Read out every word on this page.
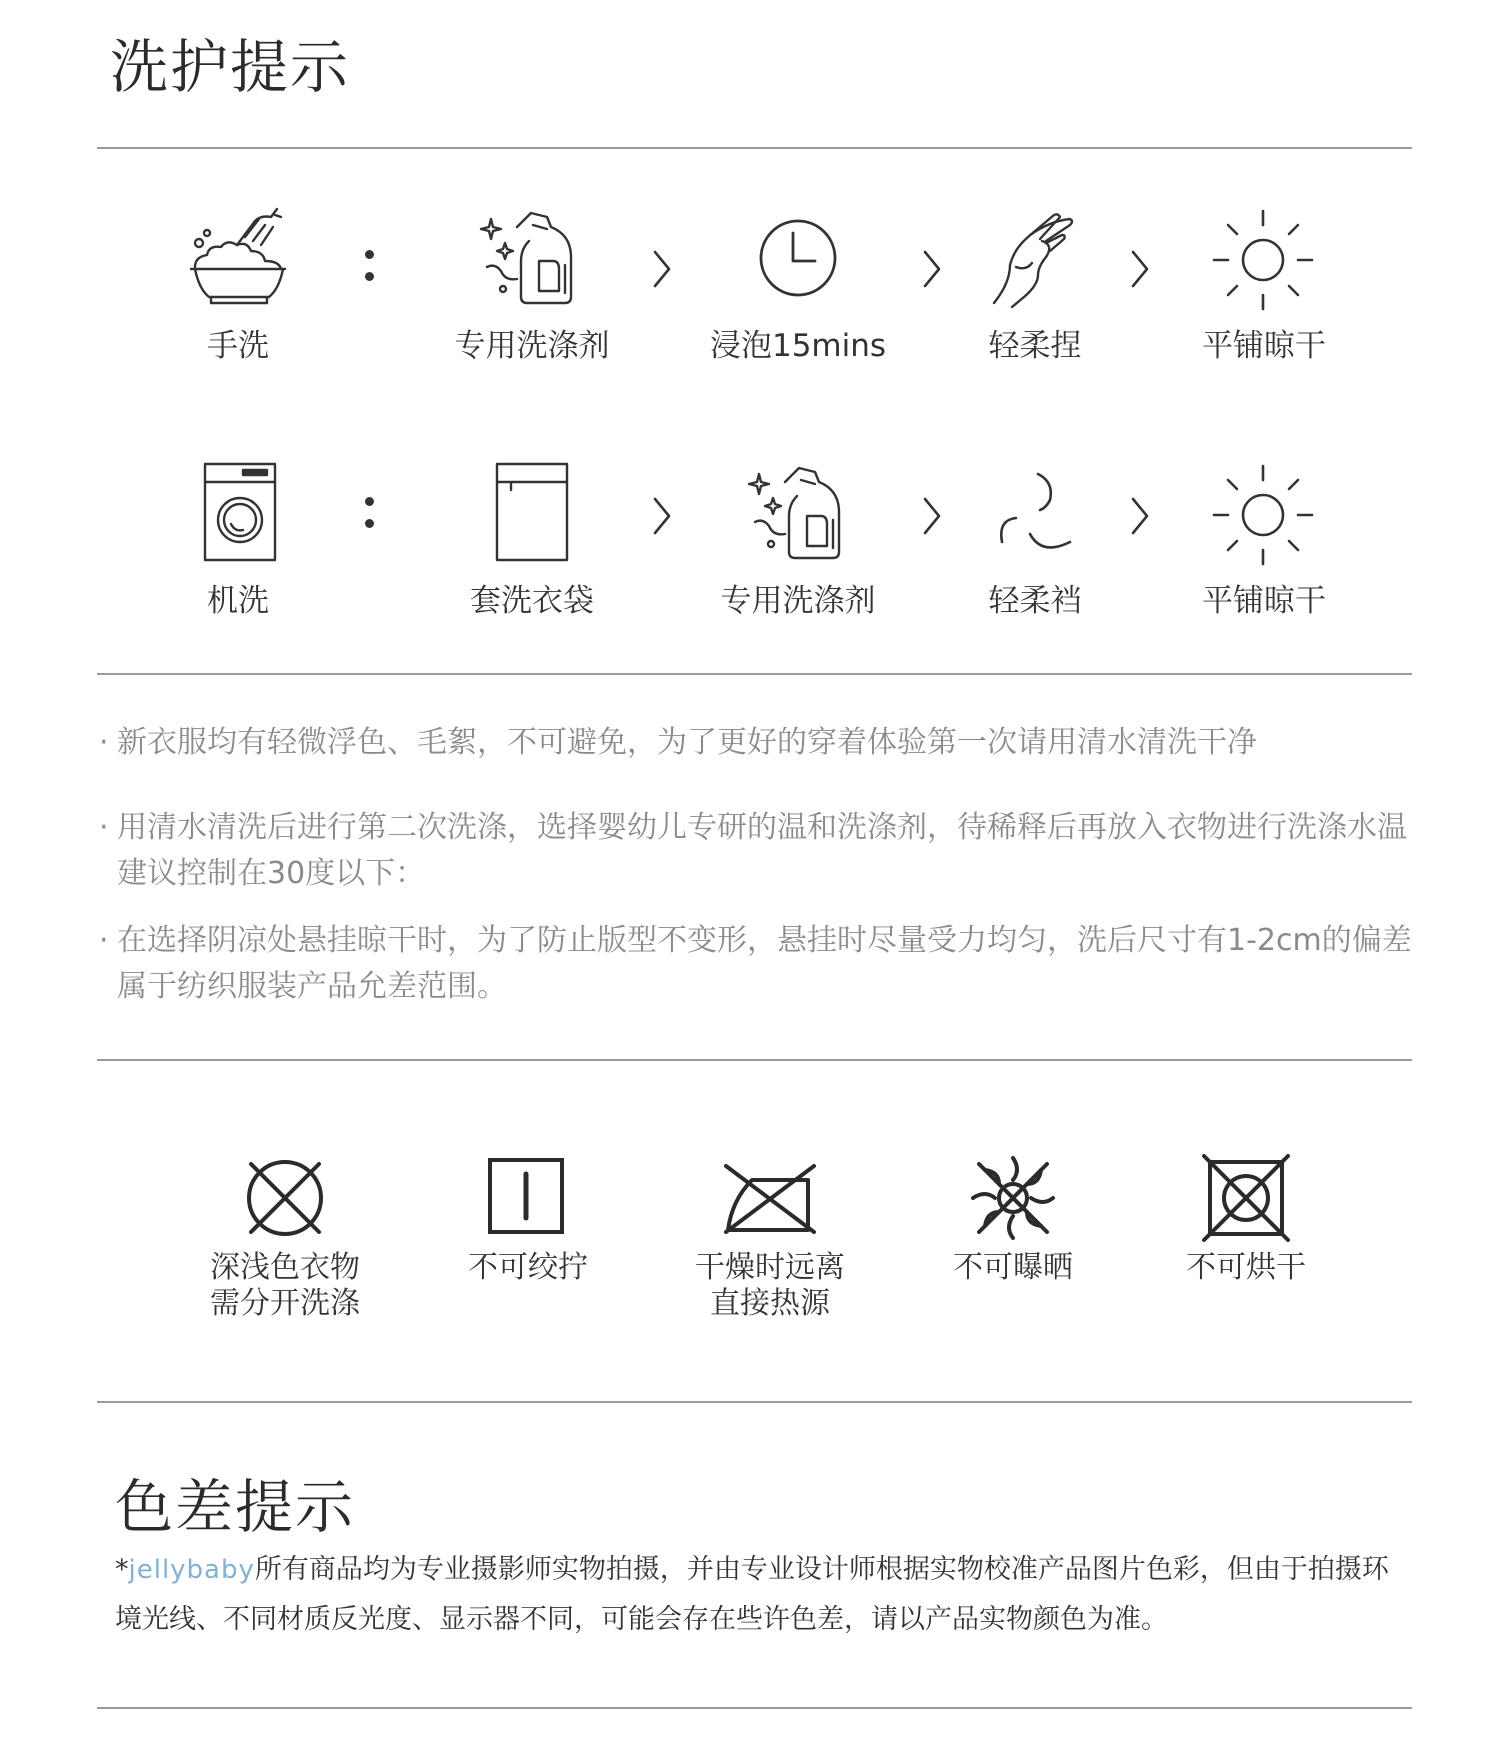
洗护提示
手洗	专用洗涤剂	浸泡15mins	轻柔捏	平铺晾干
机洗	套洗衣袋	专用洗涤剂	轻柔裆	平铺晾干
· 新衣服均有轻微浮色、毛絮，不可避免，为了更好的穿着体验第一次请用清水清洗干净
· 用清水清洗后进行第二次洗涤，选择婴幼儿专研的温和洗涤剂，待稀释后再放入衣物进行洗涤水温建议控制在30度以下：
· 在选择阴凉处悬挂晾干时，为了防止版型不变形，悬挂时尽量受力均匀，洗后尺寸有1-2cm的偏差属于纺织服装产品允差范围。
深浅色衣物
需分开洗涤
不可绞拧	干燥时远离
直接热源
不可曝晒	不可烘干
色差提示
*jellybaby所有商品均为专业摄影师实物拍摄，并由专业设计师根据实物校准产品图片色彩，但由于拍摄环境光线、不同材质反光度、显示器不同，可能会存在些许色差，请以产品实物颜色为准。
